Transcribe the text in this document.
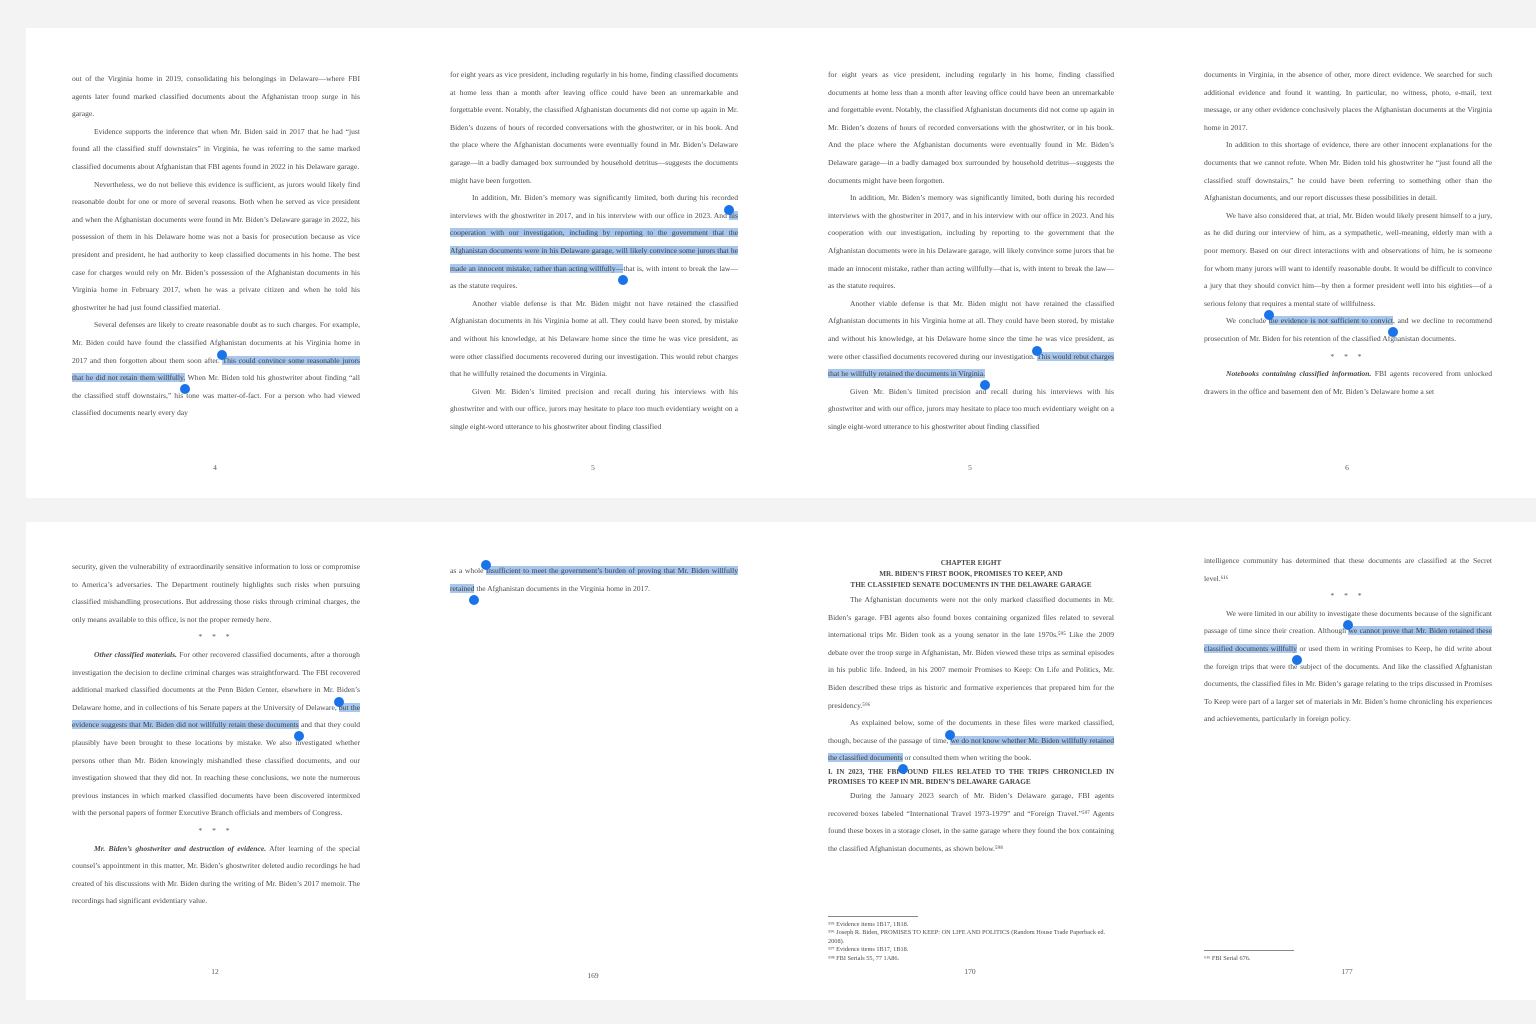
out of the Virginia home in 2019, consolidating his belongings in Delaware—where FBI agents later found marked classified documents about the Afghanistan troop surge in his garage.

Evidence supports the inference that when Mr. Biden said in 2017 that he had “just found all the classified stuff downstairs” in Virginia, he was referring to the same marked classified documents about Afghanistan that FBI agents found in 2022 in his Delaware garage.

Nevertheless, we do not believe this evidence is sufficient, as jurors would likely find reasonable doubt for one or more of several reasons. Both when he served as vice president and when the Afghanistan documents were found in Mr. Biden’s Delaware garage in 2022, his possession of them in his Delaware home was not a basis for prosecution because as vice president and president, he had authority to keep classified documents in his home. The best case for charges would rely on Mr. Biden’s possession of the Afghanistan documents in his Virginia home in February 2017, when he was a private citizen and when he told his ghostwriter he had just found classified material.

Several defenses are likely to create reasonable doubt as to such charges. For example, Mr. Biden could have found the classified Afghanistan documents at his Virginia home in 2017 and then forgotten about them soon after. This could convince some reasonable jurors that he did not retain them willfully. When Mr. Biden told his ghostwriter about finding “all the classified stuff downstairs,” his tone was matter-of-fact. For a person who had viewed classified documents nearly every day

4

for eight years as vice president, including regularly in his home, finding classified documents at home less than a month after leaving office could have been an unremarkable and forgettable event. Notably, the classified Afghanistan documents did not come up again in Mr. Biden’s dozens of hours of recorded conversations with the ghostwriter, or in his book. And the place where the Afghanistan documents were eventually found in Mr. Biden’s Delaware garage—in a badly damaged box surrounded by household detritus—suggests the documents might have been forgotten.

In addition, Mr. Biden’s memory was significantly limited, both during his recorded interviews with the ghostwriter in 2017, and in his interview with our office in 2023. And his cooperation with our investigation, including by reporting to the government that the Afghanistan documents were in his Delaware garage, will likely convince some jurors that he made an innocent mistake, rather than acting willfully—that is, with intent to break the law—as the statute requires.

Another viable defense is that Mr. Biden might not have retained the classified Afghanistan documents in his Virginia home at all. They could have been stored, by mistake and without his knowledge, at his Delaware home since the time he was vice president, as were other classified documents recovered during our investigation. This would rebut charges that he willfully retained the documents in Virginia.

Given Mr. Biden’s limited precision and recall during his interviews with his ghostwriter and with our office, jurors may hesitate to place too much evidentiary weight on a single eight-word utterance to his ghostwriter about finding classified

5

for eight years as vice president, including regularly in his home, finding classified documents at home less than a month after leaving office could have been an unremarkable and forgettable event. Notably, the classified Afghanistan documents did not come up again in Mr. Biden’s dozens of hours of recorded conversations with the ghostwriter, or in his book. And the place where the Afghanistan documents were eventually found in Mr. Biden’s Delaware garage—in a badly damaged box surrounded by household detritus—suggests the documents might have been forgotten.

In addition, Mr. Biden’s memory was significantly limited, both during his recorded interviews with the ghostwriter in 2017, and in his interview with our office in 2023. And his cooperation with our investigation, including by reporting to the government that the Afghanistan documents were in his Delaware garage, will likely convince some jurors that he made an innocent mistake, rather than acting willfully—that is, with intent to break the law—as the statute requires.

Another viable defense is that Mr. Biden might not have retained the classified Afghanistan documents in his Virginia home at all. They could have been stored, by mistake and without his knowledge, at his Delaware home since the time he was vice president, as were other classified documents recovered during our investigation. This would rebut charges that he willfully retained the documents in Virginia.

Given Mr. Biden’s limited precision and recall during his interviews with his ghostwriter and with our office, jurors may hesitate to place too much evidentiary weight on a single eight-word utterance to his ghostwriter about finding classified

5

documents in Virginia, in the absence of other, more direct evidence. We searched for such additional evidence and found it wanting. In particular, no witness, photo, e-mail, text message, or any other evidence conclusively places the Afghanistan documents at the Virginia home in 2017.

In addition to this shortage of evidence, there are other innocent explanations for the documents that we cannot refute. When Mr. Biden told his ghostwriter he “just found all the classified stuff downstairs,” he could have been referring to something other than the Afghanistan documents, and our report discusses these possibilities in detail.

We have also considered that, at trial, Mr. Biden would likely present himself to a jury, as he did during our interview of him, as a sympathetic, well-meaning, elderly man with a poor memory. Based on our direct interactions with and observations of him, he is someone for whom many jurors will want to identify reasonable doubt. It would be difficult to convince a jury that they should convict him—by then a former president well into his eighties—of a serious felony that requires a mental state of willfulness.

We conclude the evidence is not sufficient to convict, and we decline to recommend prosecution of Mr. Biden for his retention of the classified Afghanistan documents.

* * *

Notebooks containing classified information. FBI agents recovered from unlocked drawers in the office and basement den of Mr. Biden’s Delaware home a set

6

security, given the vulnerability of extraordinarily sensitive information to loss or compromise to America’s adversaries. The Department routinely highlights such risks when pursuing classified mishandling prosecutions. But addressing those risks through criminal charges, the only means available to this office, is not the proper remedy here.

* * *

Other classified materials. For other recovered classified documents, after a thorough investigation the decision to decline criminal charges was straightforward. The FBI recovered additional marked classified documents at the Penn Biden Center, elsewhere in Mr. Biden’s Delaware home, and in collections of his Senate papers at the University of Delaware, but the evidence suggests that Mr. Biden did not willfully retain these documents and that they could plausibly have been brought to these locations by mistake. We also investigated whether persons other than Mr. Biden knowingly mishandled these classified documents, and our investigation showed that they did not. In reaching these conclusions, we note the numerous previous instances in which marked classified documents have been discovered intermixed with the personal papers of former Executive Branch officials and members of Congress.

* * *

Mr. Biden’s ghostwriter and destruction of evidence. After learning of the special counsel’s appointment in this matter, Mr. Biden’s ghostwriter deleted audio recordings he had created of his discussions with Mr. Biden during the writing of Mr. Biden’s 2017 memoir. The recordings had significant evidentiary value.

12

as a whole insufficient to meet the government’s burden of proving that Mr. Biden willfully retained the Afghanistan documents in the Virginia home in 2017.

169

CHAPTER EIGHT

MR. BIDEN’S FIRST BOOK, PROMISES TO KEEP, AND

THE CLASSIFIED SENATE DOCUMENTS IN THE DELAWARE GARAGE

The Afghanistan documents were not the only marked classified documents in Mr. Biden’s garage. FBI agents also found boxes containing organized files related to several international trips Mr. Biden took as a young senator in the late 1970s.⁵⁹⁵ Like the 2009 debate over the troop surge in Afghanistan, Mr. Biden viewed these trips as seminal episodes in his public life. Indeed, in his 2007 memoir Promises to Keep: On Life and Politics, Mr. Biden described these trips as historic and formative experiences that prepared him for the presidency.⁵⁹⁶

As explained below, some of the documents in these files were marked classified, though, because of the passage of time, we do not know whether Mr. Biden willfully retained the classified documents or consulted them when writing the book.

I. IN 2023, THE FBI FOUND FILES RELATED TO THE TRIPS CHRONICLED IN PROMISES TO KEEP IN MR. BIDEN’S DELAWARE GARAGE

During the January 2023 search of Mr. Biden’s Delaware garage, FBI agents recovered boxes labeled “International Travel 1973-1979” and “Foreign Travel.”⁵⁹⁷ Agents found these boxes in a storage closet, in the same garage where they found the box containing the classified Afghanistan documents, as shown below.⁵⁹⁸

⁵⁹⁵ Evidence items 1B17, 1B18.
⁵⁹⁶ Joseph R. Biden, PROMISES TO KEEP: ON LIFE AND POLITICS (Random House Trade Paperback ed. 2008).
⁵⁹⁷ Evidence items 1B17, 1B18.
⁵⁹⁸ FBI Serials 55, 77 1A86.
170

intelligence community has determined that these documents are classified at the Secret level.⁶¹⁶

* * *

We were limited in our ability to investigate these documents because of the significant passage of time since their creation. Although we cannot prove that Mr. Biden retained these classified documents willfully or used them in writing Promises to Keep, he did write about the foreign trips that were the subject of the documents. And like the classified Afghanistan documents, the classified files in Mr. Biden’s garage relating to the trips discussed in Promises To Keep were part of a larger set of materials in Mr. Biden’s home chronicling his experiences and achievements, particularly in foreign policy.

⁶¹⁶ FBI Serial 676.
177
